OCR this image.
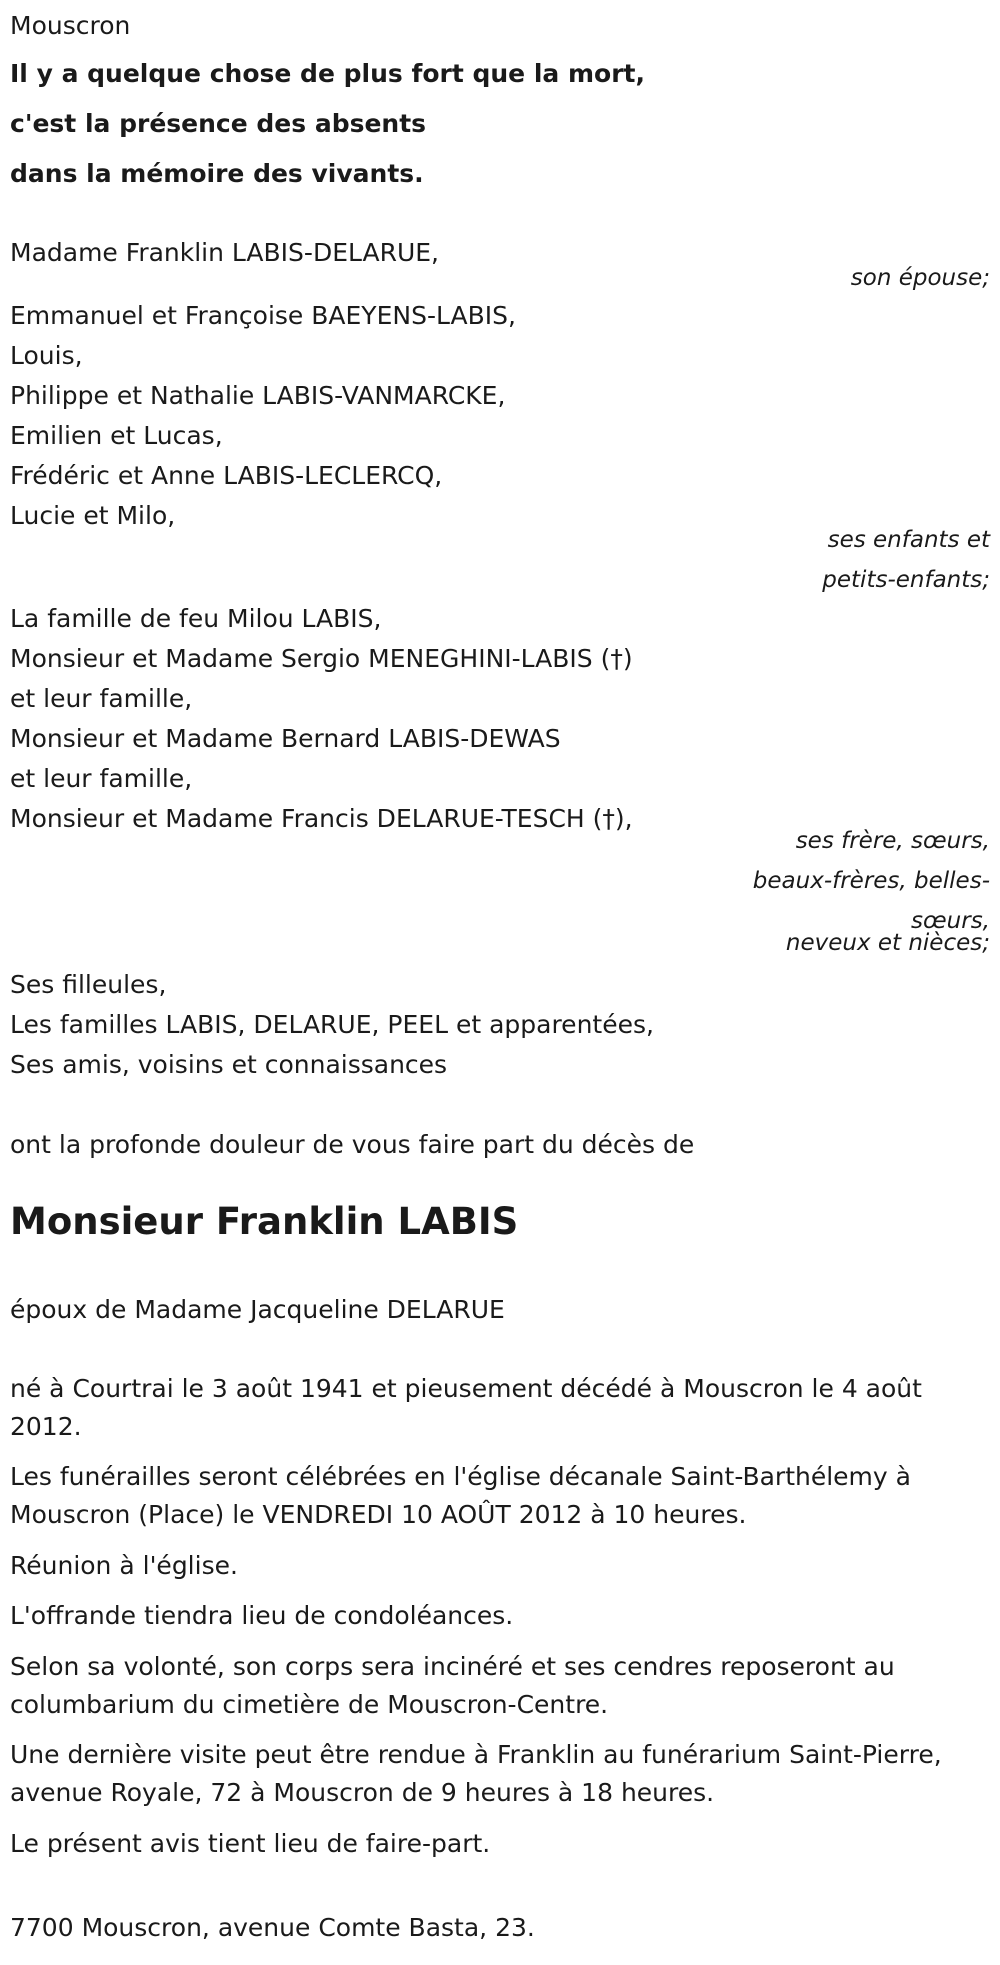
Mouscron
Il y a quelque chose de plus fort que la mort,
c'est la présence des absents
dans la mémoire des vivants.
Madame Franklin LABIS-DELARUE,
son épouse;
Emmanuel et Françoise BAEYENS-LABIS,
Louis,
Philippe et Nathalie LABIS-VANMARCKE,
Emilien et Lucas,
Frédéric et Anne LABIS-LECLERCQ,
Lucie et Milo,
ses enfants et
petits-enfants;
La famille de feu Milou LABIS,
Monsieur et Madame Sergio MENEGHINI-LABIS (†)
et leur famille,
Monsieur et Madame Bernard LABIS-DEWAS
et leur famille,
Monsieur et Madame Francis DELARUE-TESCH (†),
ses frère, sœurs,
beaux-frères, belles-
sœurs,
neveux et nièces;
Ses filleules,
Les familles LABIS, DELARUE, PEEL et apparentées,
Ses amis, voisins et connaissances
ont la profonde douleur de vous faire part du décès de
Monsieur Franklin LABIS
époux de Madame Jacqueline DELARUE
né à Courtrai le 3 août 1941 et pieusement décédé à Mouscron le 4 août 2012.
Les funérailles seront célébrées en l'église décanale Saint-Barthélemy à Mouscron (Place) le VENDREDI 10 AOÛT 2012 à 10 heures.
Réunion à l'église.
L'offrande tiendra lieu de condoléances.
Selon sa volonté, son corps sera incinéré et ses cendres reposeront au columbarium du cimetière de Mouscron-Centre.
Une dernière visite peut être rendue à Franklin au funérarium Saint-Pierre, avenue Royale, 72 à Mouscron de 9 heures à 18 heures.
Le présent avis tient lieu de faire-part.
7700 Mouscron, avenue Comte Basta, 23.
